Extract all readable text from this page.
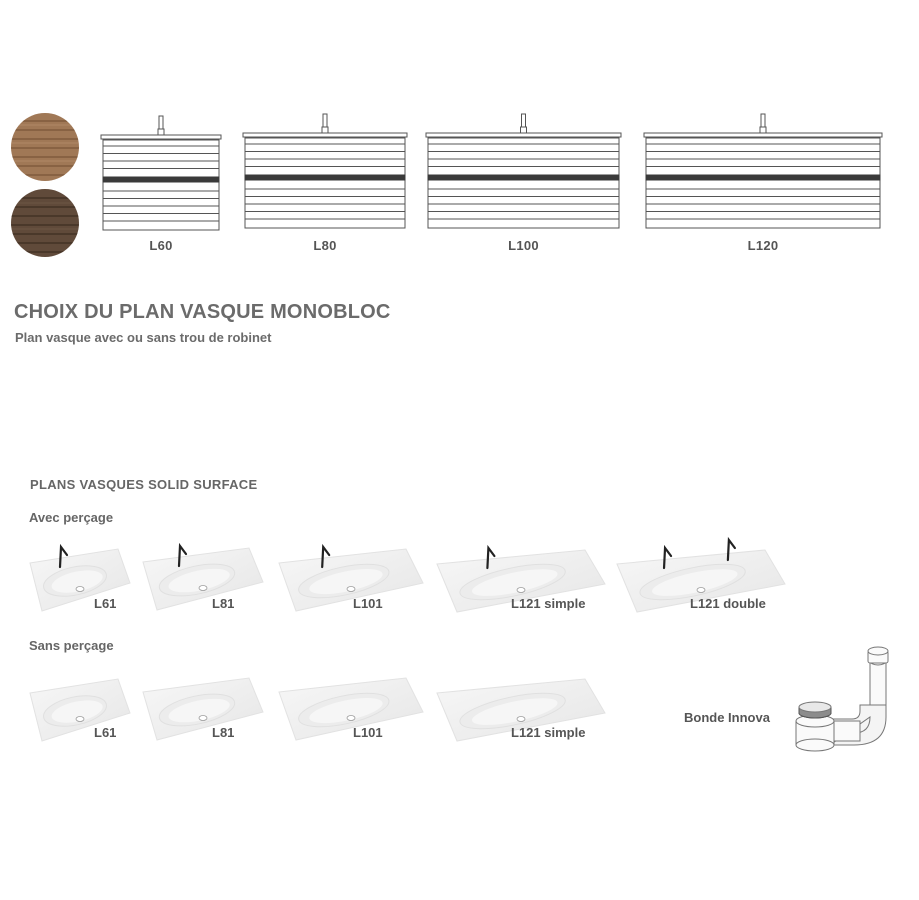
L60	L80	L100	L120
CHOIX DU PLAN VASQUE MONOBLOC
Plan vasque avec ou sans trou de robinet
PLANS VASQUES SOLID SURFACE
Avec perçage
Sans perçage
L61	L81	L101	L121 simple	L121 double
L61	L81	L101	L121 simple
Bonde Innova
